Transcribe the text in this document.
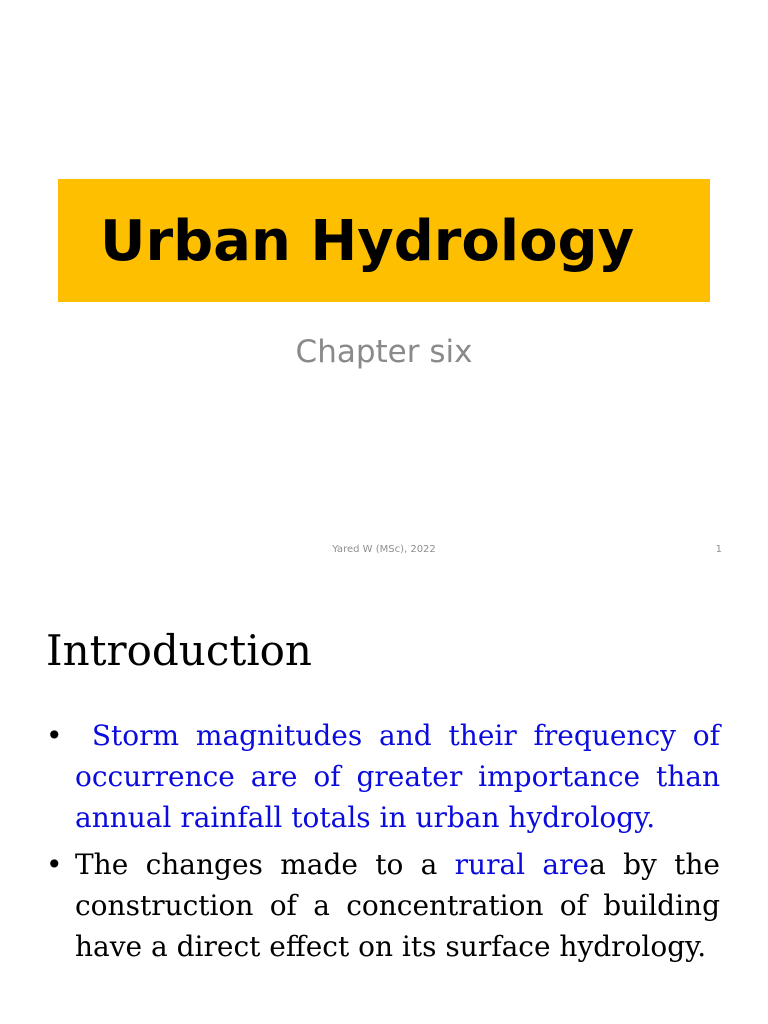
Urban Hydrology
Chapter six
Yared W (MSc), 2022	1
Introduction
• Storm magnitudes and their frequency of occurrence are of greater importance than annual rainfall totals in urban hydrology.
• The changes made to a rural area by the construction of a concentration of building have a direct effect on its surface hydrology.
